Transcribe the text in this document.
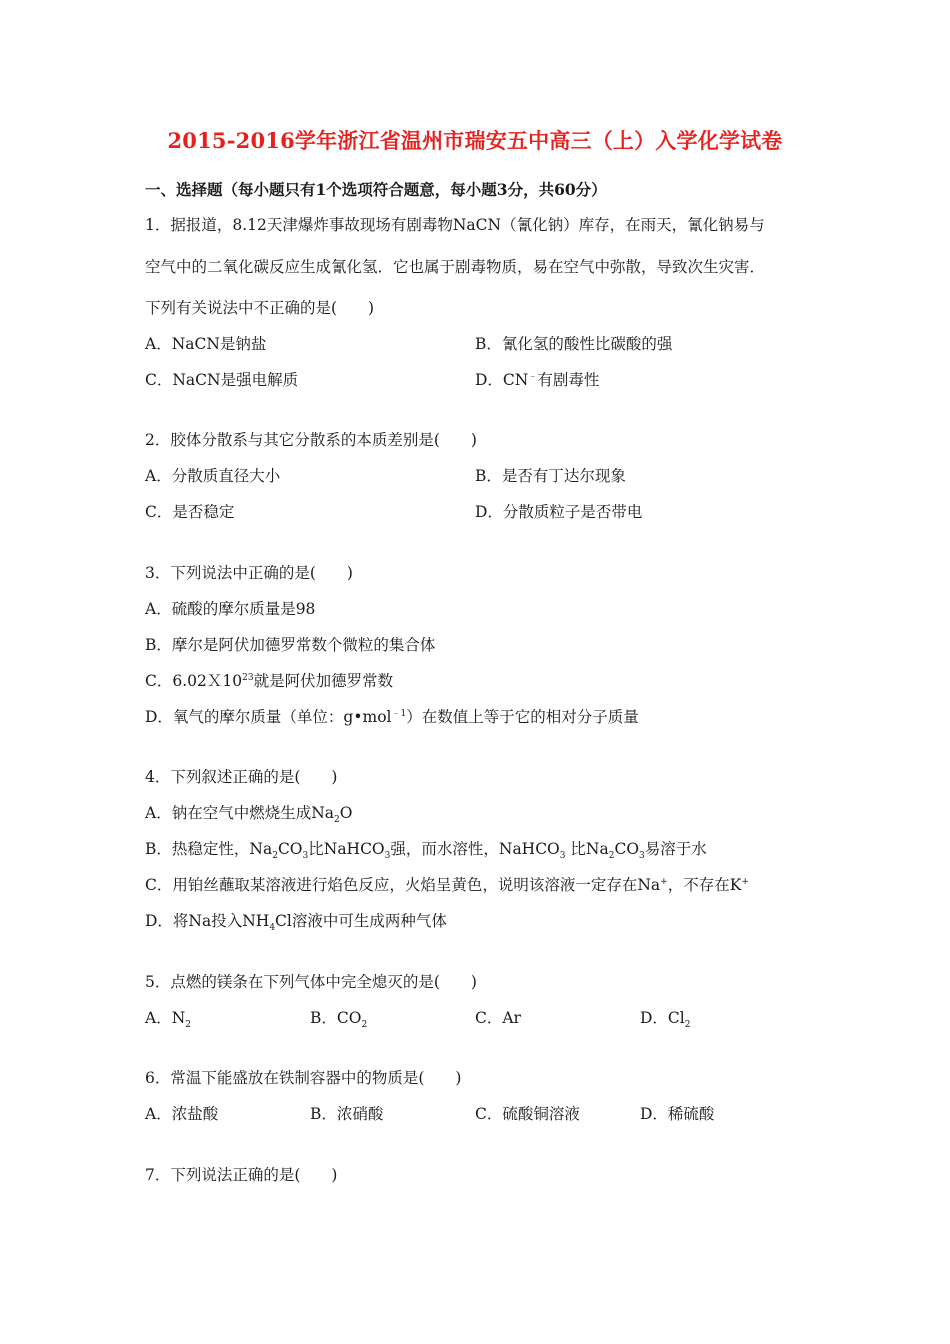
2015-2016学年浙江省温州市瑞安五中高三（上）入学化学试卷
一、选择题（每小题只有1个选项符合题意，每小题3分，共60分）
1．据报道，8.12天津爆炸事故现场有剧毒物NaCN（氰化钠）库存，在雨天，氰化钠易与
空气中的二氧化碳反应生成氰化氢．它也属于剧毒物质，易在空气中弥散，导致次生灾害．
下列有关说法中不正确的是(　　)
A．NaCN是钠盐	B．氰化氢的酸性比碳酸的强
C．NaCN是强电解质	D．CN﹣有剧毒性
2．胶体分散系与其它分散系的本质差别是(　　)
A．分散质直径大小	B．是否有丁达尔现象
C．是否稳定	D．分散质粒子是否带电
3．下列说法中正确的是(　　)
A．硫酸的摩尔质量是98
B．摩尔是阿伏加德罗常数个微粒的集合体
C．$6.02X10^{23}$就是阿伏加德罗常数
D．氧气的摩尔质量（单位：g•mol$^{﹣1}$）在数值上等于它的相对分子质量
4．下列叙述正确的是(　　)
A．钠在空气中燃烧生成$Na_2O$
B．热稳定性，$Na_2CO_3$比NaHCO$_3$强，而水溶性，NaHCO$_3$ 比$Na_2CO_3$易溶于水
C．用铂丝蘸取某溶液进行焰色反应，火焰呈黄色，说明该溶液一定存在Na+，不存在K+
D．将Na投入$NH_4Cl$溶液中可生成两种气体
5．点燃的镁条在下列气体中完全熄灭的是(　　)
A．$N_2$	B．$CO_2$	C．Ar	D．$Cl_2$
6．常温下能盛放在铁制容器中的物质是(　　)
A．浓盐酸	B．浓硝酸	C．硫酸铜溶液	D．稀硫酸
7．下列说法正确的是(　　)
